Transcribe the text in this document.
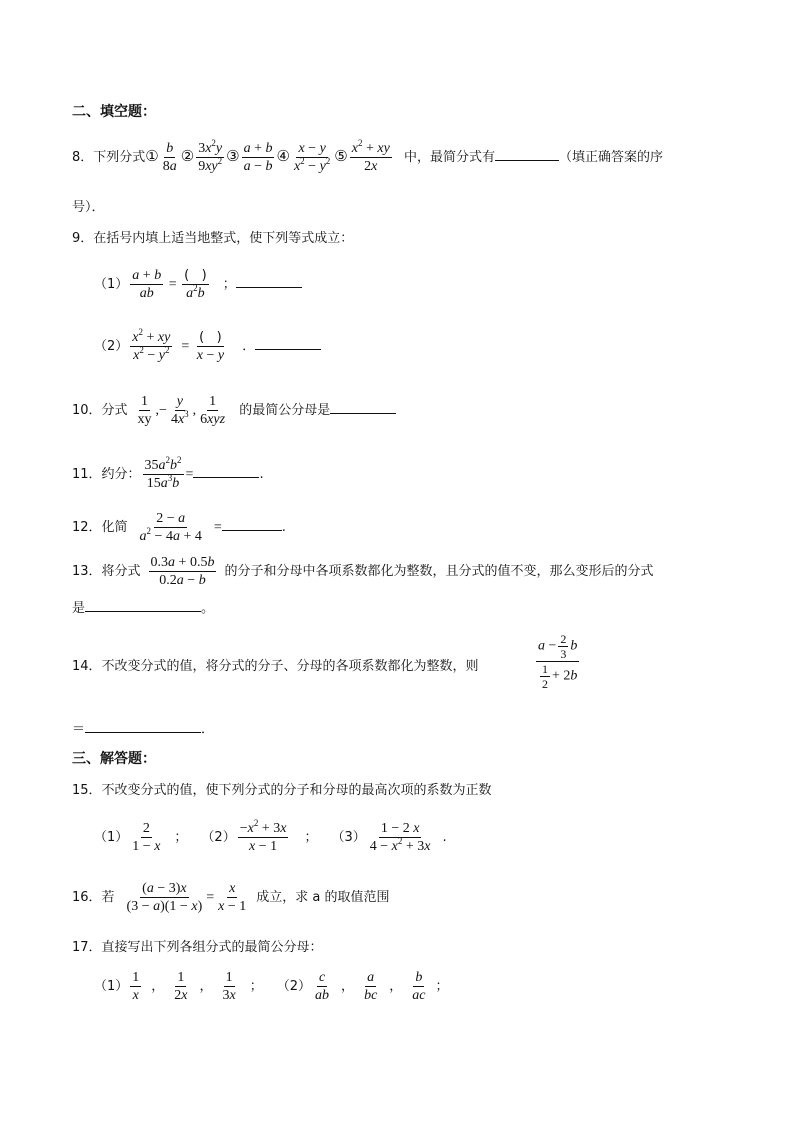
二、填空题：
8．下列分式① $\frac{b}{8a}$ ② $\frac{3x^2y}{9xy^2}$ ③ $\frac{a + b}{a - b}$ ④ $\frac{x - y}{x^2 - y^2}$ ⑤ $\frac{x^2 + xy}{2x}$ 中，最简分式有	（填正确答案的序
号）．
9．在括号内填上适当地整式，使下列等式成立：
$(1) \frac{a + b}{ab} = \frac{( )}{a^2b}$ ；
$(2) \frac{x^2 + xy}{x^2 - y^2} = \frac{( )}{x - y}$ ．
10．分式 $\frac{1}{xy}$ ,− $\frac{y}{4x^3}$ , $\frac{1}{\text{6xyz}}$ 的最简公分母是
11．约分： $\frac{35a^2b^2}{15a^3b}$ =	.
12．化简 $\frac{2 - a}{a^2 - 4a + 4}$ =	.
13．将分式 $\frac{0.3a + 0.5b}{0.2a - b}$ 的分子和分母中各项系数都化为整数，且分式的值不变，那么变形后的分式
是	。
14．不改变分式的值，将分式的分子、分母的各项系数都化为整数，则	$\frac{a - \frac{2}{3} b}{\frac{1}{2} + 2b}$
＝	．
三、解答题：
15．不改变分式的值，使下列分式的分子和分母的最高次项的系数为正数
$(1) \frac{2}{1 - x}$ ； $(2) \frac{-x^2 + 3x}{x - 1}$ ； $(3) \frac{1 - 2 x}{4 - x^2 + 3x}$ .
16．若 $\frac{(a - 3)x}{(3 - a)(1 - x)} = \frac{x}{x - 1}$ 成立，求 a 的取值范围
17．直接写出下列各组分式的最简公分母：
$(1) \frac{1}{x}$ ， $\frac{1}{2x}$ ， $\frac{1}{3x}$ ； $(2) \frac{c}{ab}$ ， $\frac{a}{bc}$ ， $\frac{b}{ac}$ ；
